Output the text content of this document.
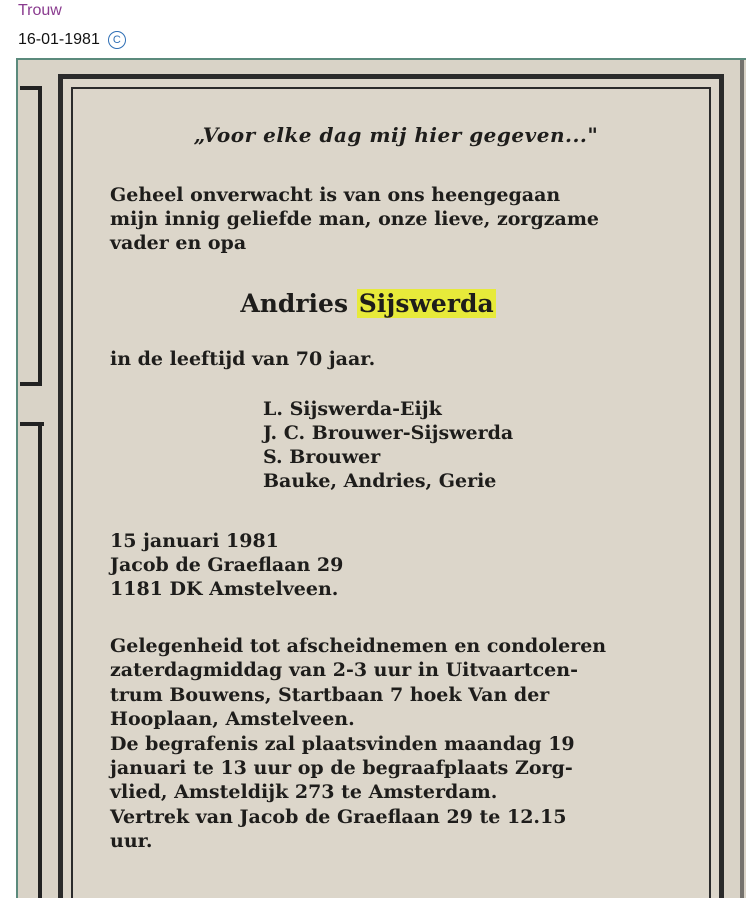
Trouw
16-01-1981	C
„Voor elke dag mij hier gegeven..."
Geheel onverwacht is van ons heengegaan
mijn innig geliefde man, onze lieve, zorgzame
vader en opa
Andries Sijswerda
in de leeftijd van 70 jaar.
L. Sijswerda-Eijk
J. C. Brouwer-Sijswerda
S. Brouwer
Bauke, Andries, Gerie
15 januari 1981
Jacob de Graeflaan 29
1181 DK Amstelveen.
Gelegenheid tot afscheidnemen en condoleren
zaterdagmiddag van 2-3 uur in Uitvaartcen-
trum Bouwens, Startbaan 7 hoek Van der
Hooplaan, Amstelveen.
De begrafenis zal plaatsvinden maandag 19
januari te 13 uur op de begraafplaats Zorg-
vlied, Amsteldijk 273 te Amsterdam.
Vertrek van Jacob de Graeflaan 29 te 12.15
uur.
